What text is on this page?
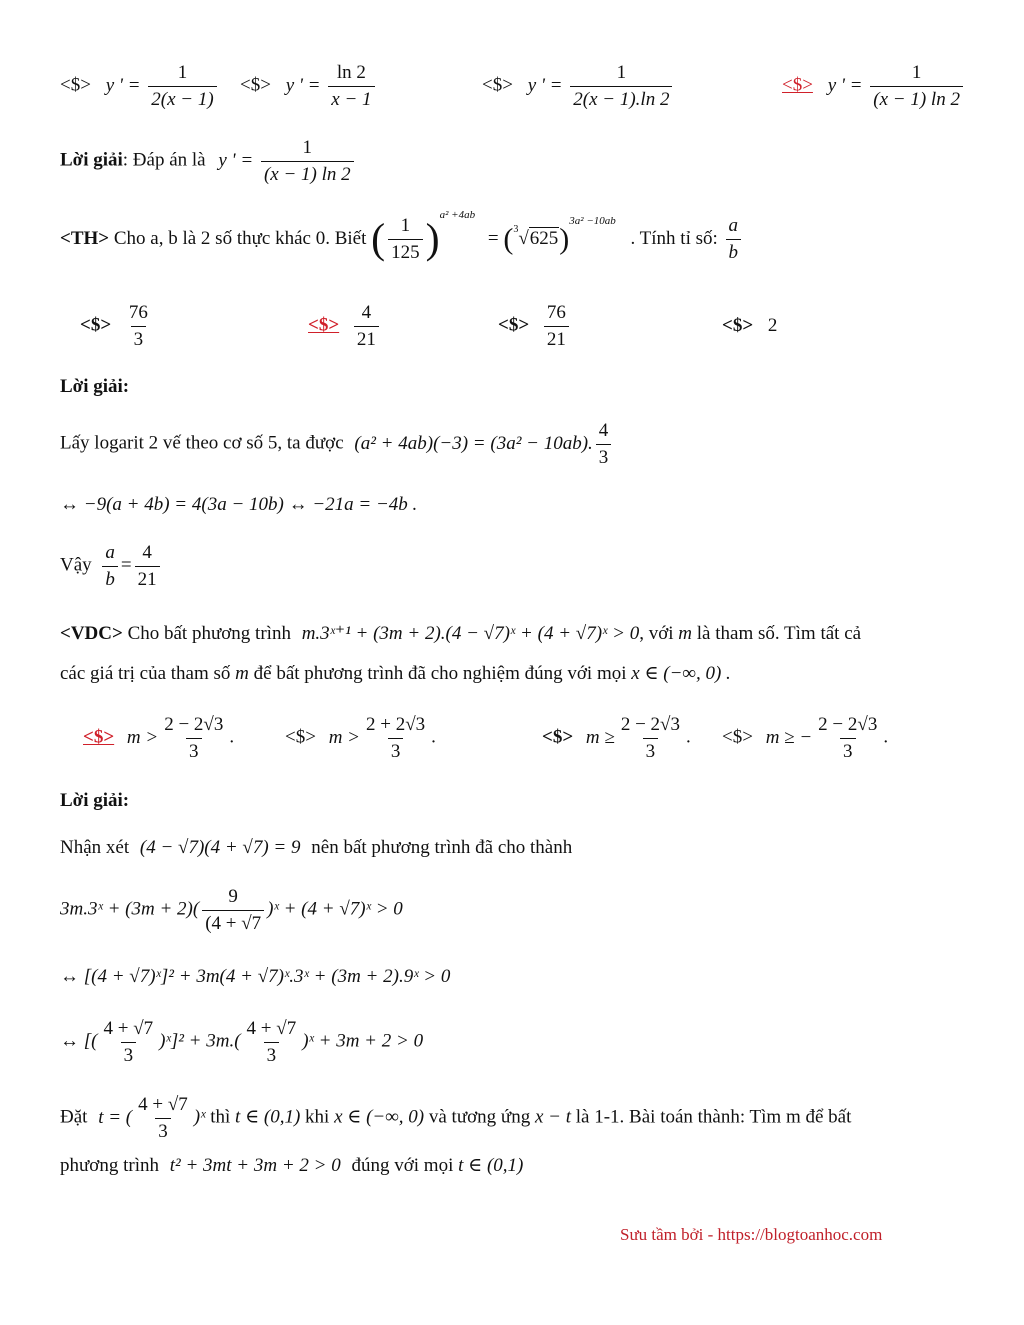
<$> y ' = $\frac{1}{2(x - 1)}$ <$> y ' = $\frac{\ln 2}{x - 1}$	<$> y ' = $\frac{1}{2(x - 1).\ln 2}$	<$> y ' = $\frac{1}{(x - 1) \ln 2}$
Lời giải: Đáp án là y ' = $\frac{1}{(x - 1) \ln 2}$
<TH> Cho a, b là 2 số thực khác 0. Biết ( $\frac{1}{125} )^{a^2 +4ab} = (^3√625)^{3a^2 -10ab}$ . Tính tỉ số: $\frac{a}{b}$
<$> $\frac{76}{3}$	<$> $\frac{4}{21}$	<$> $\frac{76}{21}$	<$> 2
Lời giải:
Lấy logarit 2 vế theo cơ số 5, ta được (a² + 4ab)(−3) = (3a² − 10ab). $\frac{4}{3}$
↔ −9(a + 4b) = 4(3a − 10b) ↔ −21a = −4b .
Vậy $\frac{a}{b} = \frac{4}{21}$
<VDC> Cho bất phương trình m.3ˣ⁺¹ + (3m + 2).(4 − √7)ˣ + (4 + √7)ˣ > 0, với m là tham số. Tìm tất cả
các giá trị của tham số m để bất phương trình đã cho nghiệm đúng với mọi x ∈ (−∞, 0) .
<$> $m > \frac{2 - 2√3}{3}$ .	<$> $m > \frac{2 + 2√3}{3}$ .	<$> $m \ge \frac{2 - 2√3}{3}$ . <$> m ≥ − $\frac{2 - 2√3}{3}$ .
Lời giải:
Nhận xét (4 − √7)(4 + √7) = 9 nên bất phương trình đã cho thành
3m.3ˣ + $(3m + 2)( \frac{9}{(4 + √7}$ )ˣ + (4 + √7)ˣ > 0
↔ [(4 + √7)ˣ]² + 3m(4 + √7)ˣ.3ˣ + (3m + 2).9ˣ > 0
↔ [( $\frac{4 + √7}{3}$ )ˣ]² + $3m.( \frac{4 + √7}{3}$ )ˣ + 3m + 2 > 0
Đặt t = ( $\frac{4 + √7}{3}$ )ˣ thì t ∈ (0,1) khi x ∈ (−∞, 0) và tương ứng x − t là 1-1. Bài toán thành: Tìm m để bất
phương trình t² + 3mt + 3m + 2 > 0 đúng với mọi t ∈ (0,1)
Sưu tầm bởi - https://blogtoanhoc.com
